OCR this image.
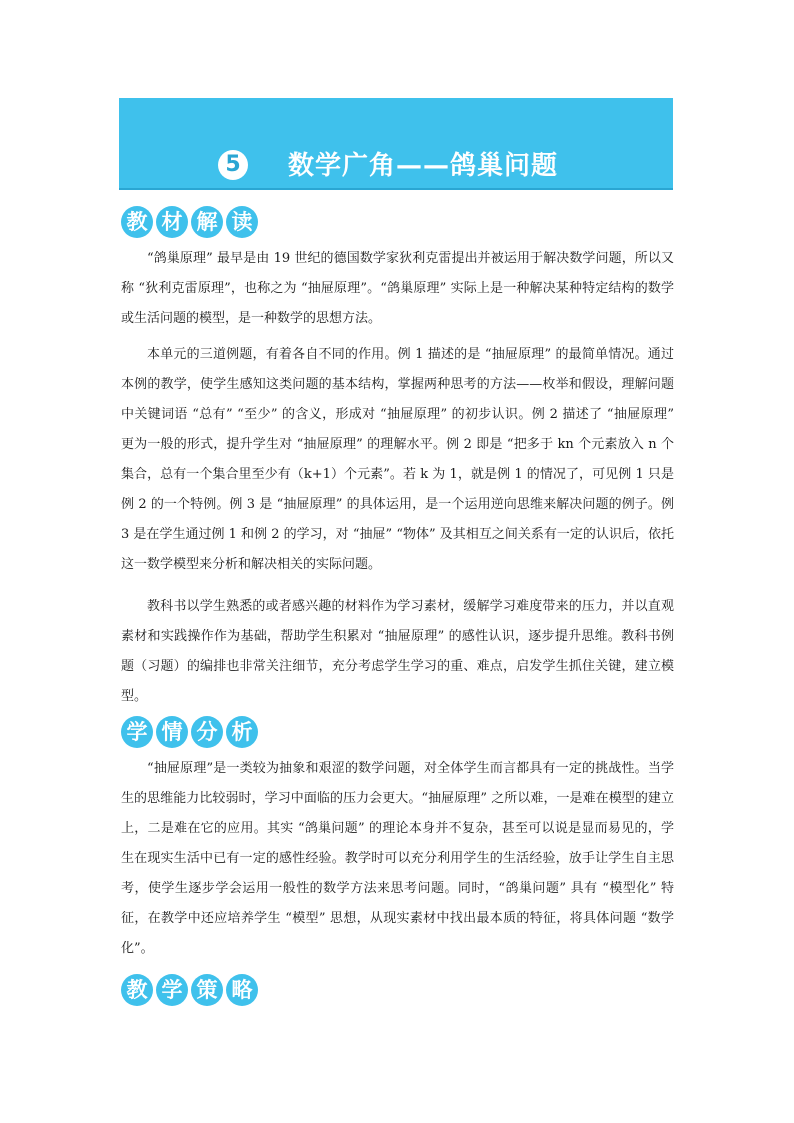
5 数学广角——鸽巢问题
教 材 解 读

“鸽巢原理” 最早是由 19 世纪的德国数学家狄利克雷提出并被运用于解决数学问题，所以又称 “狄利克雷原理”，也称之为 “抽屉原理”。“鸽巢原理” 实际上是一种解决某种特定结构的数学或生活问题的模型，是一种数学的思想方法。

本单元的三道例题，有着各自不同的作用。例 1 描述的是 “抽屉原理” 的最简单情况。通过本例的教学，使学生感知这类问题的基本结构，掌握两种思考的方法——枚举和假设，理解问题中关键词语 “总有” “至少” 的含义，形成对 “抽屉原理” 的初步认识。例 2 描述了 “抽屉原理” 更为一般的形式，提升学生对 “抽屉原理” 的理解水平。例 2 即是 “把多于 kn 个元素放入 n 个集合，总有一个集合里至少有（k+1）个元素”。若 k 为 1，就是例 1 的情况了，可见例 1 只是例 2 的一个特例。例 3 是 “抽屉原理” 的具体运用，是一个运用逆向思维来解决问题的例子。例 3 是在学生通过例 1 和例 2 的学习，对 “抽屉” “物体” 及其相互之间关系有一定的认识后，依托这一数学模型来分析和解决相关的实际问题。

教科书以学生熟悉的或者感兴趣的材料作为学习素材，缓解学习难度带来的压力，并以直观素材和实践操作作为基础，帮助学生积累对 “抽屉原理” 的感性认识，逐步提升思维。教科书例题（习题）的编排也非常关注细节，充分考虑学生学习的重、难点，启发学生抓住关键，建立模型。

学 情 分 析

“抽屉原理”是一类较为抽象和艰涩的数学问题，对全体学生而言都具有一定的挑战性。当学生的思维能力比较弱时，学习中面临的压力会更大。“抽屉原理” 之所以难，一是难在模型的建立上，二是难在它的应用。其实 “鸽巢问题” 的理论本身并不复杂，甚至可以说是显而易见的，学生在现实生活中已有一定的感性经验。教学时可以充分利用学生的生活经验，放手让学生自主思考，使学生逐步学会运用一般性的数学方法来思考问题。同时，“鸽巢问题” 具有 “模型化” 特征，在教学中还应培养学生 “模型” 思想，从现实素材中找出最本质的特征，将具体问题 “数学化”。

教 学 策 略
